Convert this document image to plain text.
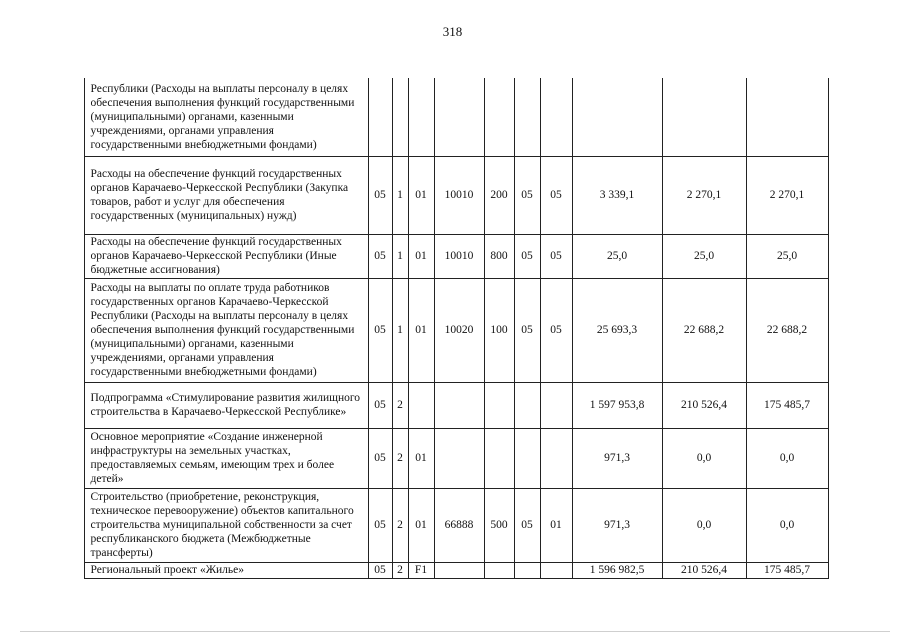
318
	Республики (Расходы на выплаты персоналу в целях обеспечения выполнения функций государственными (муниципальными) органами, казенными учреждениями, органами управления государственными внебюджетными фондами)										
	Расходы на обеспечение функций государственных органов Карачаево-Черкесской Республики (Закупка товаров, работ и услуг для обеспечения государственных (муниципальных) нужд)	05	1	01	10010	200	05	05	3 339,1	2 270,1	2 270,1
	Расходы на обеспечение функций государственных органов Карачаево-Черкесской Республики (Иные бюджетные ассигнования)	05	1	01	10010	800	05	05	25,0	25,0	25,0
	Расходы на выплаты по оплате труда работников государственных органов Карачаево-Черкесской Республики (Расходы на выплаты персоналу в целях обеспечения выполнения функций государственными (муниципальными) органами, казенными учреждениями, органами управления государственными внебюджетными фондами)	05	1	01	10020	100	05	05	25 693,3	22 688,2	22 688,2
	Подпрограмма «Стимулирование развития жилищного строительства в Карачаево-Черкесской Республике»	05	2						1 597 953,8	210 526,4	175 485,7
	Основное мероприятие «Создание инженерной инфраструктуры на земельных участках, предоставляемых семьям, имеющим трех и более детей»	05	2	01					971,3	0,0	0,0
	Строительство (приобретение, реконструкция, техническое перевооружение) объектов капитального строительства муниципальной собственности за счет республиканского бюджета (Межбюджетные трансферты)	05	2	01	66888	500	05	01	971,3	0,0	0,0
	Региональный проект «Жилье»	05	2	F1					1 596 982,5	210 526,4	175 485,7
